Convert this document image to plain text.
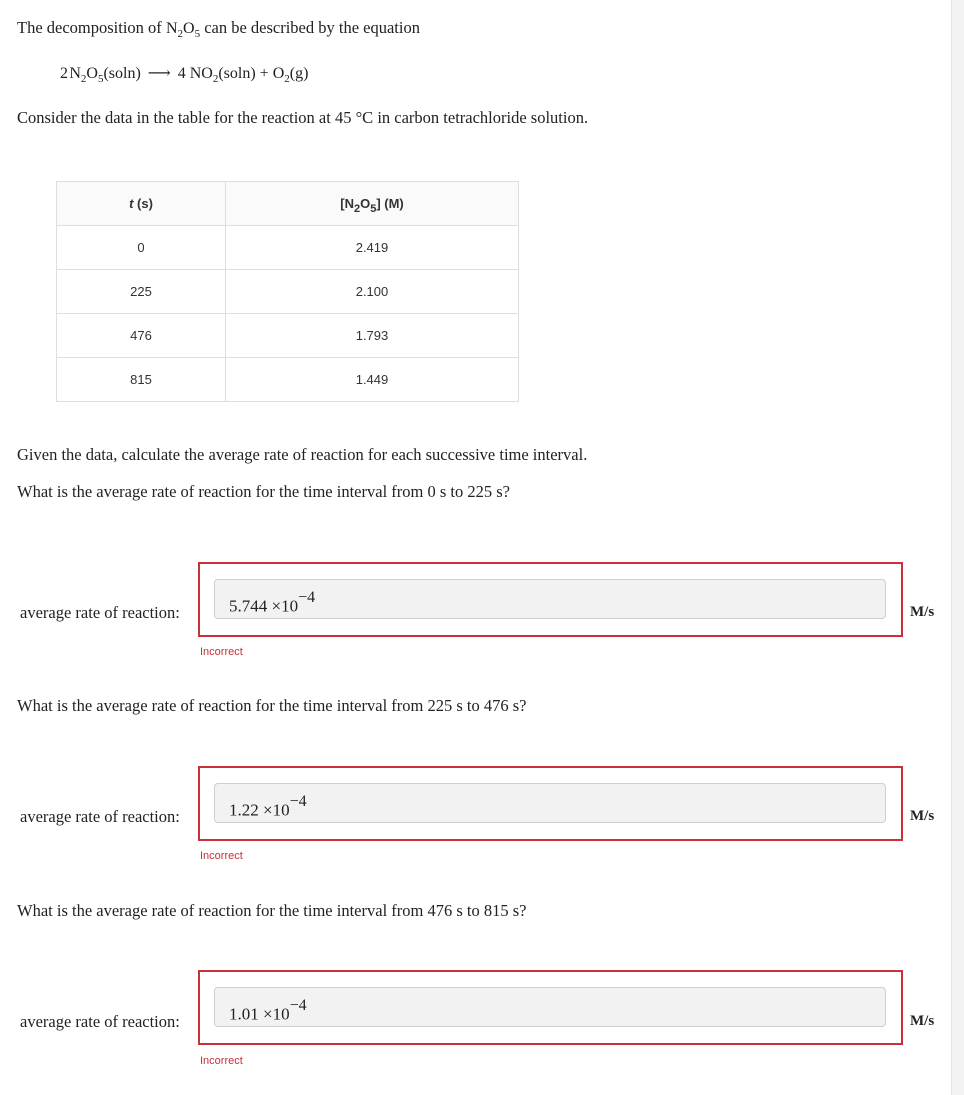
The decomposition of $N_2O_5$ can be described by the equation
2 $N_2O_5(soln)$ ⟶ 4 $NO_2(soln) + O_2(g)$
Consider the data in the table for the reaction at 45 °C in carbon tetrachloride solution.
t (s)	$[N_2O_5]$ (M)
0	2.419
225	2.100
476	1.793
815	1.449
Given the data, calculate the average rate of reaction for each successive time interval.
What is the average rate of reaction for the time interval from 0 s to 225 s?
average rate of reaction:	$5.744 \times 10^{-4}$
M/s
Incorrect
What is the average rate of reaction for the time interval from 225 s to 476 s?
average rate of reaction:	$1.22 \times 10^{-4}$
M/s
Incorrect
What is the average rate of reaction for the time interval from 476 s to 815 s?
average rate of reaction:	$1.01 \times 10^{-4}$
M/s
Incorrect
